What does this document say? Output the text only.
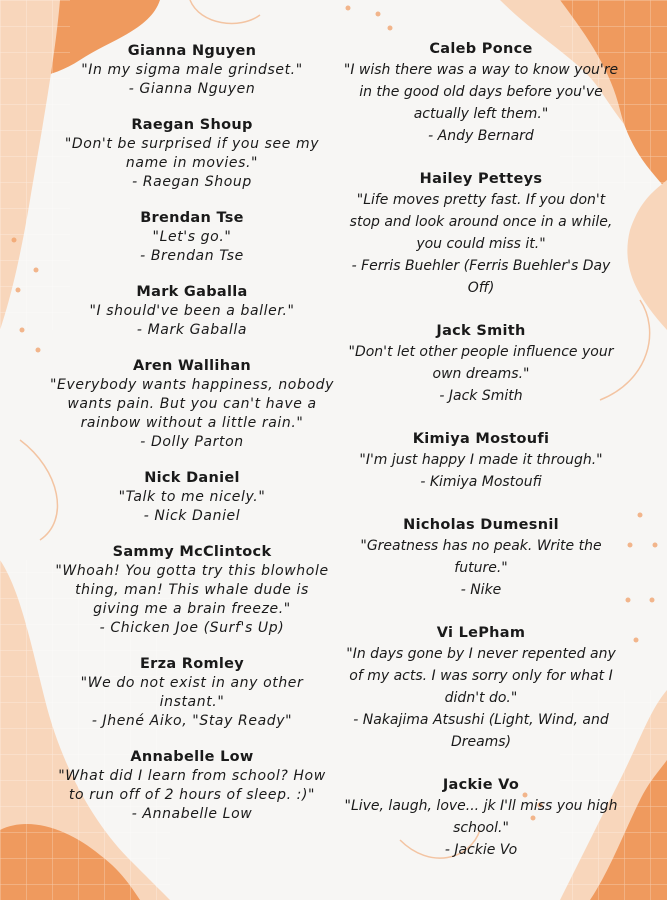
Gianna Nguyen
"In my sigma male grindset."
- Gianna Nguyen
Raegan Shoup
"Don't be surprised if you see my name in movies."
- Raegan Shoup
Brendan Tse
"Let's go."
- Brendan Tse
Mark Gaballa
"I should've been a baller."
- Mark Gaballa
Aren Wallihan
"Everybody wants happiness, nobody wants pain. But you can't have a rainbow without a little rain."
- Dolly Parton
Nick Daniel
"Talk to me nicely."
- Nick Daniel
Sammy McClintock
"Whoah! You gotta try this blowhole thing, man! This whale dude is giving me a brain freeze."
- Chicken Joe (Surf's Up)
Erza Romley
"We do not exist in any other instant."
- Jhené Aiko, "Stay Ready"
Annabelle Low
"What did I learn from school? How to run off of 2 hours of sleep. :)"
- Annabelle Low
Caleb Ponce
"I wish there was a way to know you're in the good old days before you've actually left them."
- Andy Bernard
Hailey Petteys
"Life moves pretty fast. If you don't stop and look around once in a while, you could miss it."
- Ferris Buehler (Ferris Buehler's Day Off)
Jack Smith
"Don't let other people influence your own dreams."
- Jack Smith
Kimiya Mostoufi
"I'm just happy I made it through."
- Kimiya Mostoufi
Nicholas Dumesnil
"Greatness has no peak. Write the future."
- Nike
Vi LePham
"In days gone by I never repented any of my acts. I was sorry only for what I didn't do."
- Nakajima Atsushi (Light, Wind, and Dreams)
Jackie Vo
"Live, laugh, love... jk I'll miss you high school."
- Jackie Vo
